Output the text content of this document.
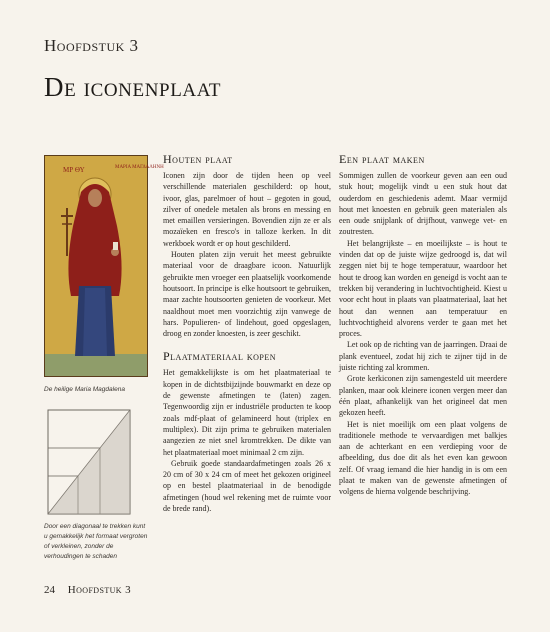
Hoofdstuk 3
De iconenplaat
ΜΡ ΘΥ	ΜΑΡΙΑ ΜΑΓΔΑΛΗΝΗ
De heilige Maria Magdalena
Door een diagonaal te trekken kunt u gemakkelijk het formaat vergroten of verkleinen, zonder de verhoudingen te schaden
Houten plaat

Iconen zijn door de tijden heen op veel verschillende materialen geschilderd: op hout, ivoor, glas, parelmoer of hout – gegoten in goud, zilver of onedele metalen als brons en messing en met emaillen versieringen. Bovendien zijn ze er als mozaïeken en fresco's in talloze kerken. In dit werkboek wordt er op hout geschilderd.

Houten platen zijn veruit het meest gebruikte materiaal voor de draagbare icoon. Natuurlijk gebruikte men vroeger een plaatselijk voorkomende houtsoort. In principe is elke houtsoort te gebruiken, maar zachte houtsoorten genieten de voorkeur. Met naaldhout moet men voorzichtig zijn vanwege de hars. Populieren- of lindehout, goed opgeslagen, droog en zonder knoesten, is zeer geschikt.

Plaatmateriaal kopen

Het gemakkelijkste is om het plaatmateriaal te kopen in de dichtstbijzijnde bouwmarkt en deze op de gewenste afmetingen te (laten) zagen. Tegenwoordig zijn er industriële producten te koop zoals mdf-plaat of gelamineerd hout (triplex en multiplex). Dit zijn prima te gebruiken materialen aangezien ze niet snel kromtrekken. De dikte van het plaatmateriaal moet minimaal 2 cm zijn.

Gebruik goede standaardafmetingen zoals 26 x 20 cm of 30 x 24 cm of meet het gekozen origineel op en bestel plaatmateriaal in de benodigde afmetingen (houd wel rekening met de ruimte voor de brede rand).

Een plaat maken

Sommigen zullen de voorkeur geven aan een oud stuk hout; mogelijk vindt u een stuk hout dat ouderdom en geschiedenis ademt. Maar vermijd hout met knoesten en gebruik geen materialen als een oude snijplank of drijfhout, vanwege vet- en zoutresten.

Het belangrijkste – en moeilijkste – is hout te vinden dat op de juiste wijze gedroogd is, dat wil zeggen niet bij te hoge temperatuur, waardoor het hout te droog kan worden en geneigd is vocht aan te trekken bij verandering in luchtvochtigheid. Kiest u voor echt hout in plaats van plaatmateriaal, laat het hout dan wennen aan temperatuur en luchtvochtigheid alvorens verder te gaan met het proces.

Let ook op de richting van de jaarringen. Draai de plank eventueel, zodat hij zich te zijner tijd in de juiste richting zal krommen.

Grote kerkiconen zijn samengesteld uit meerdere planken, maar ook kleinere iconen vergen meer dan één plaat, afhankelijk van het origineel dat men gekozen heeft.

Het is niet moeilijk om een plaat volgens de traditionele methode te vervaardigen met balkjes aan de achterkant en een verdieping voor de afbeelding, dus doe dit als het even kan gewoon zelf. Of vraag iemand die hier handig in is om een plaat te maken van de gewenste afmetingen of volgens de hierna volgende beschrijving.

24 Hoofdstuk 3
